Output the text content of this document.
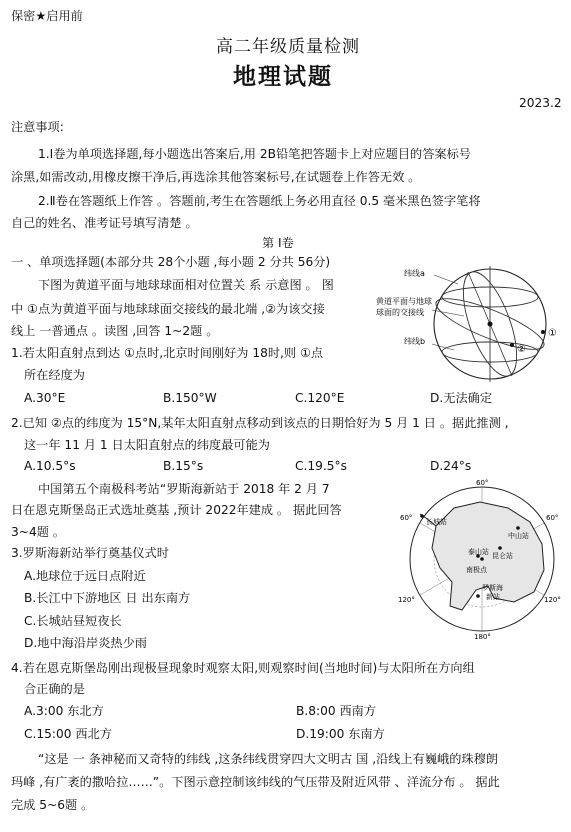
保密★启用前
高二年级质量检测
地理试题
2023.2
注意事项:
1.Ⅰ卷为单项选择题,每小题选出答案后,用 2B铅笔把答题卡上对应题目的答案标号
涂黑,如需改动,用橡皮擦干净后,再选涂其他答案标号,在试题卷上作答无效 。
2.Ⅱ卷在答题纸上作答 。答题前,考生在答题纸上务必用直径 0.5 毫米黑色签字笔将
自己的姓名、准考证号填写清楚 。
第 Ⅰ卷
一 、单项选择题(本部分共 28个小题 ,每小题 2 分共 56分)
下图为黄道平面与地球球面相对位置关 系 示意图 。 图
中 ①点为黄道平面与地球球面交接线的最北端 ,②为该交接
线上 一普通点 。读图 ,回答 1~2题 。
纬线a
黄道平面与地球
球面的交接线
纬线b
①
②
1.若太阳直射点到达 ①点时,北京时间刚好为 18时,则 ①点
所在经度为
A.30°E	B.150°W	C.120°E	D.无法确定
2.已知 ②点的纬度为 15°N,某年太阳直射点移动到该点的日期恰好为 5 月 1 日 。据此推测 ,
这一年 11 月 1 日太阳直射点的纬度最可能为
A.10.5°s	B.15°s	C.19.5°s	D.24°s
中国第五个南极科考站“罗斯海新站于 2018 年 2 月 7
日在恩克斯堡岛正式选址奠基 ,预计 2022年建成 。 据此回答
3~4题 。
60°
60°	60°
120°	120°
180°
长城站
中山站
昆仑站
泰山站
南极点
罗斯海
新站
3.罗斯海新站举行奠基仪式时
A.地球位于远日点附近
B.长江中下游地区 日 出东南方
C.长城站昼短夜长
D.地中海沿岸炎热少雨
4.若在恩克斯堡岛刚出现极昼现象时观察太阳,则观察时间(当地时间)与太阳所在方向组
合正确的是
A.3:00 东北方	B.8:00 西南方
C.15:00 西北方	D.19:00 东南方
“这是 一 条神秘而又奇特的纬线 ,这条纬线贯穿四大文明古 国 ,沿线上有巍峨的珠穆朗
玛峰 ,有广袤的撒哈拉……”。下图示意控制该纬线的气压带及附近风带 、洋流分布 。 据此
完成 5~6题 。
